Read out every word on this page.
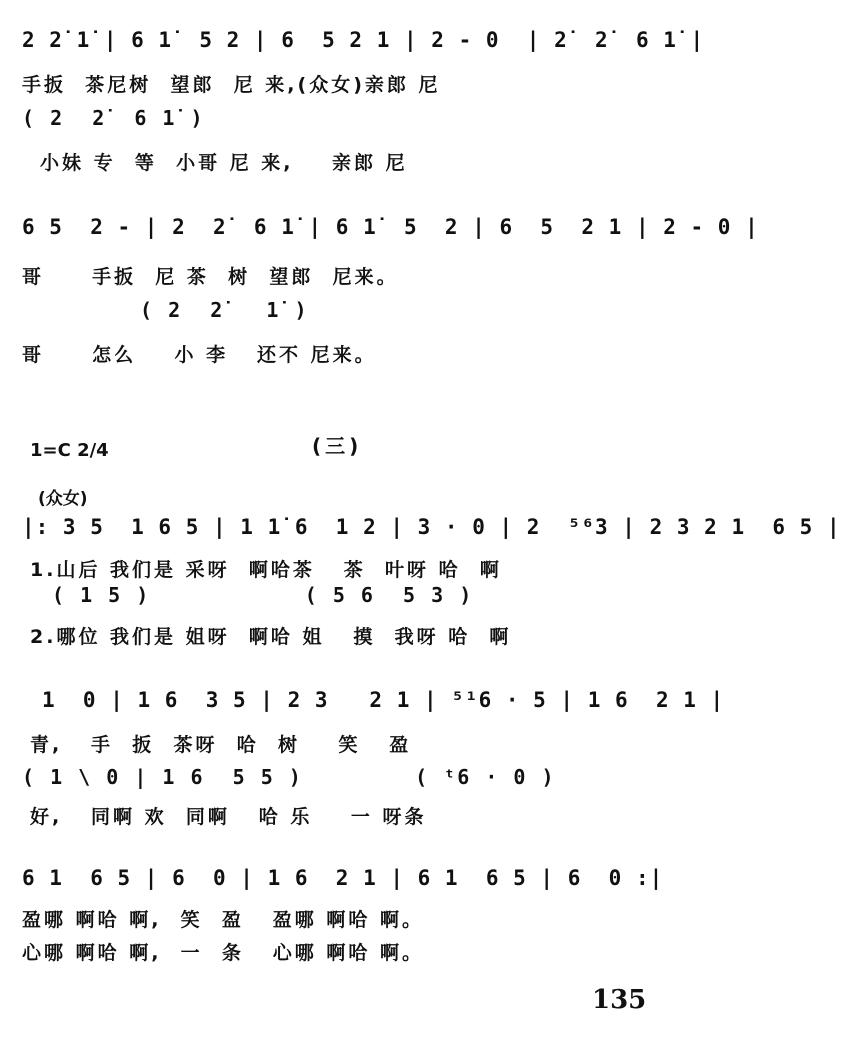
2 2̇ 1̇ | 6 1̇  5 2 | 6  5 2 1 | 2 - 0  | 2̇  2̇  6 1̇ |
手扳  茶尼树  望郎  尼 来,(众女)亲郎 尼
( 2  2̇  6 1̇ )
小妹 专  等  小哥 尼 来,    亲郎 尼
6 5  2 - | 2  2̇  6 1̇ | 6 1̇  5  2 | 6  5  2 1 | 2 - 0 |
哥     手扳  尼 茶  树  望郎  尼来。
( 2  2̇   1̇ )
哥     怎么    小 李   还不 尼来。
(三)
1=C 2/4
(众女)
|: 3 5  1 6 5 | 1 1̇ 6  1 2 | 3 · 0 | 2  ⁵⁶3 | 2 3 2 1  6 5 |
1.山后 我们是 采呀  啊哈茶   茶  叶呀 哈  啊
( 1 5 )           ( 5 6  5 3 )
2.哪位 我们是 姐呀  啊哈 姐   摸  我呀 哈  啊
1  0 | 1 6  3 5 | 2 3   2 1 | ⁵¹6 · 5 | 1 6  2 1 |
青,   手  扳  茶呀  哈  树    笑   盈
( 1 \ 0 | 1 6  5 5 )        ( ᵗ6 · 0 )
好,   同啊 欢  同啊   哈 乐    一 呀条
6 1  6 5 | 6  0 | 1 6  2 1 | 6 1  6 5 | 6  0 :|
盈哪 啊哈 啊,  笑  盈   盈哪 啊哈 啊。
心哪 啊哈 啊,  一  条   心哪 啊哈 啊。
135
